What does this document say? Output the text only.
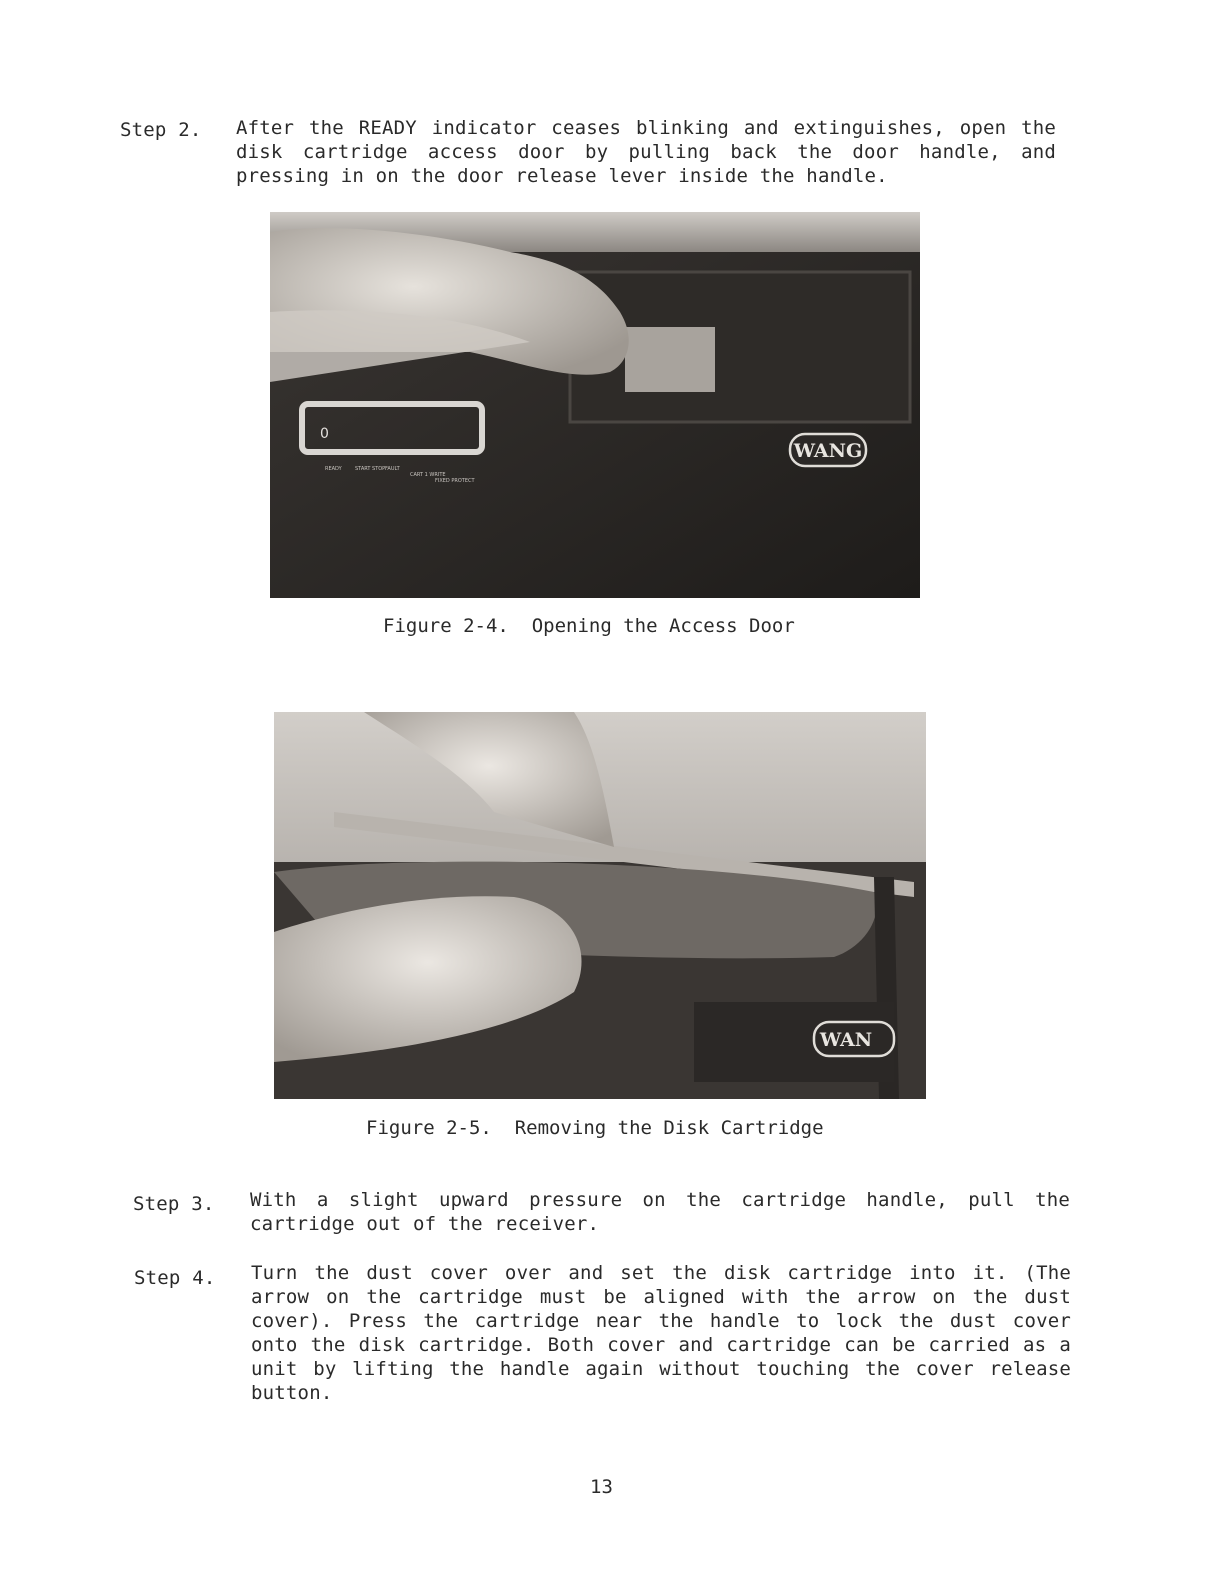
Step 2. After the READY indicator ceases blinking and extinguishes, open the disk cartridge access door by pulling back the door handle, and pressing in on the door release lever inside the handle.
0
READY	START STOP FAULT
CART 1 WRITE
FIXED PROTECT
WANG
Figure 2-4.  Opening the Access Door
WAN
Figure 2-5.  Removing the Disk Cartridge
Step 3. With a slight upward pressure on the cartridge handle, pull the cartridge out of the receiver.
Step 4. Turn the dust cover over and set the disk cartridge into it. (The arrow on the cartridge must be aligned with the arrow on the dust cover). Press the cartridge near the handle to lock the dust cover onto the disk cartridge. Both cover and cartridge can be carried as a unit by lifting the handle again without touching the cover release button.
13
